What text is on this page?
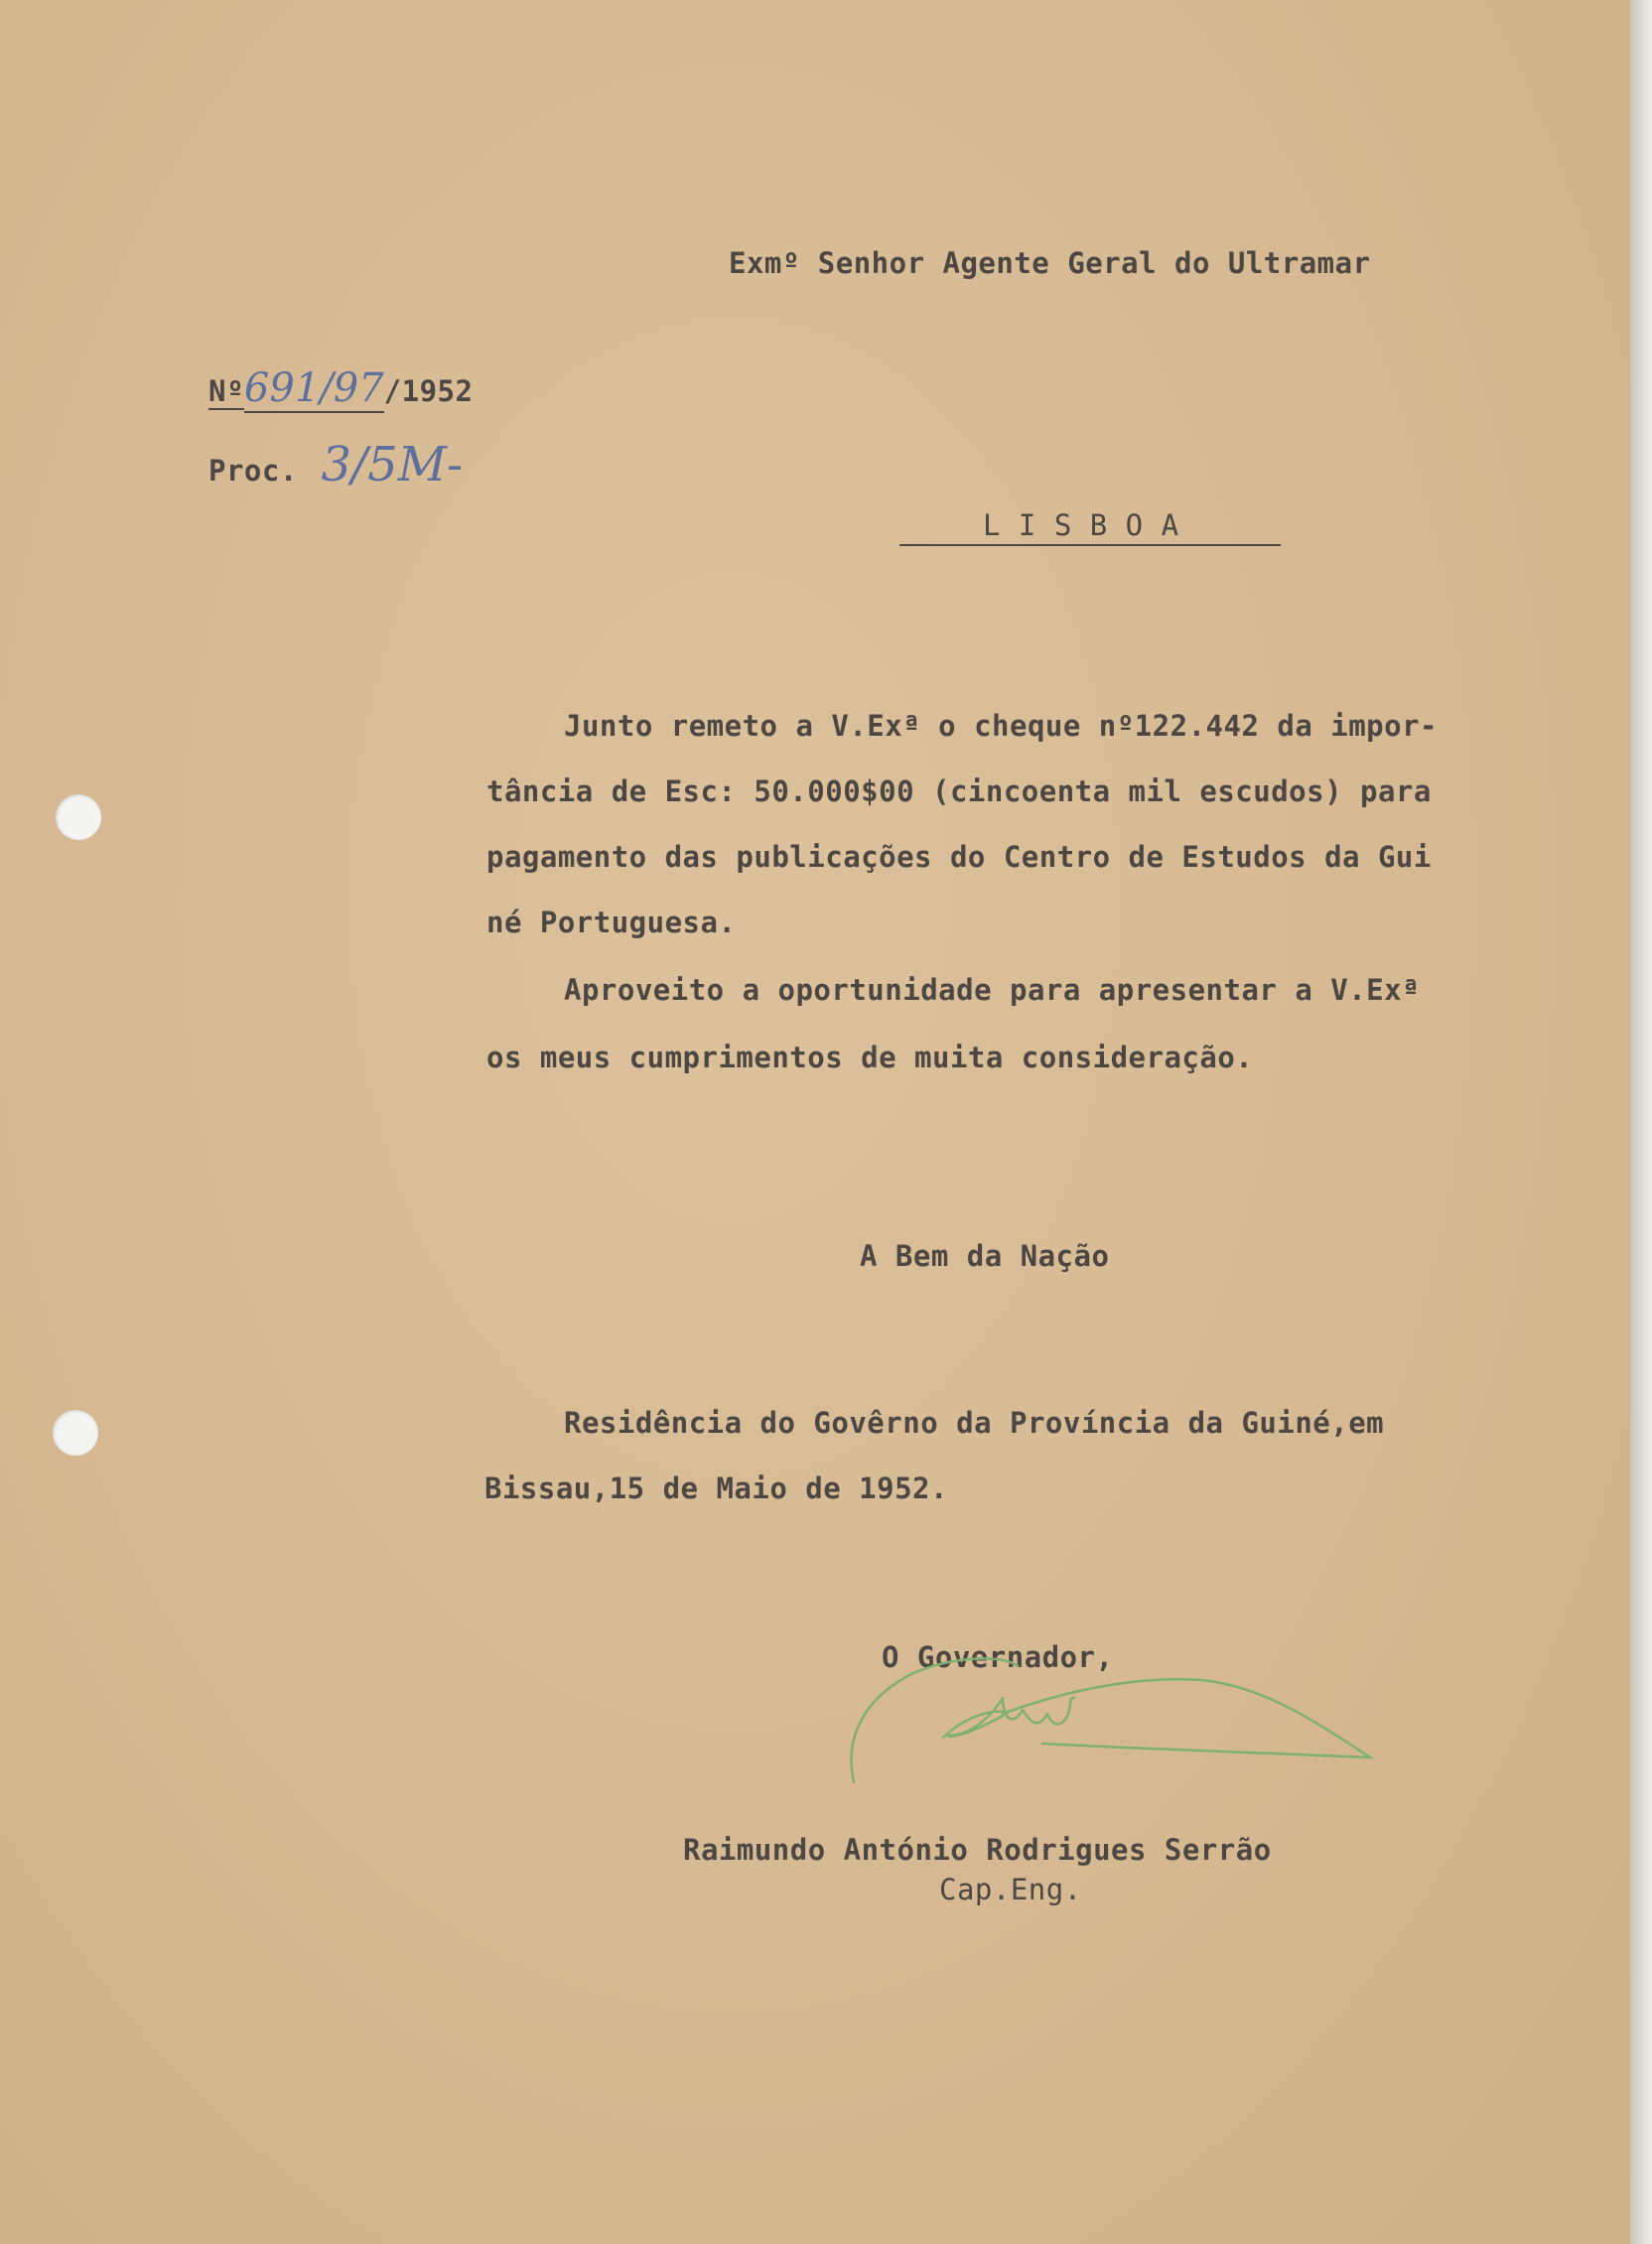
Exmº Senhor Agente Geral do Ultramar
Nº691/97/1952
Proc. 3/5M-
L I S B O A
Junto remeto a V.Exª o cheque nº122.442 da impor-
tância de Esc: 50.000$00 (cincoenta mil escudos) para
pagamento das publicações do Centro de Estudos da Gui
né Portuguesa.
Aproveito a oportunidade para apresentar a V.Exª
os meus cumprimentos de muita consideração.
A Bem da Nação
Residência do Govêrno da Província da Guiné,em
Bissau,15 de Maio de 1952.
O Governador,
Raimundo António Rodrigues Serrão
Cap.Eng.
